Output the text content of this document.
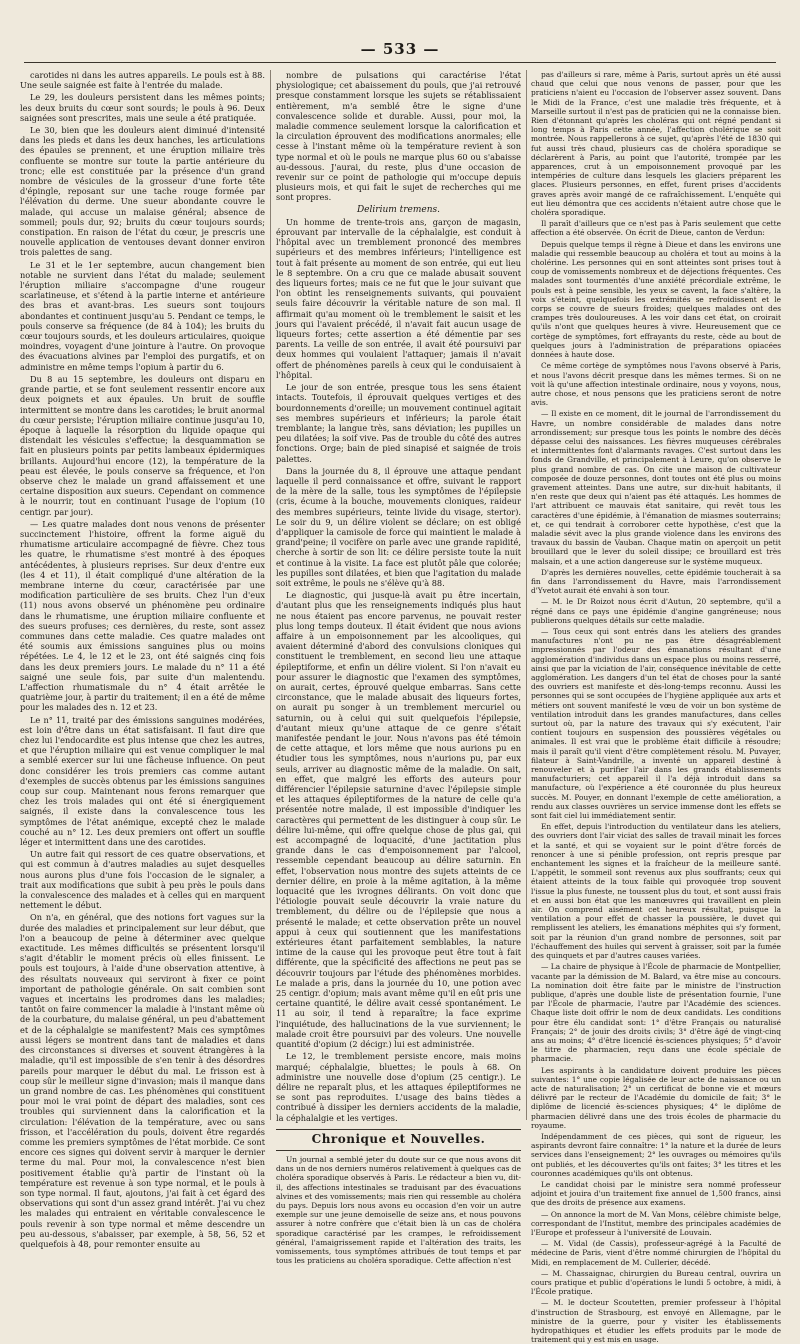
— 533 —

carotides ni dans les autres appareils. Le pouls est à 88. Une seule saignée est faite à l'entrée du malade.

Le 29, les douleurs persistent dans les mêmes points; les deux bruits du cœur sont sourds; le pouls à 96. Deux saignées sont prescrites, mais une seule a été pratiquée.

Le 30, bien que les douleurs aient diminué d'intensité dans les pieds et dans les deux hanches, les articulations des épaules se prennent, et une éruption miliaire très confluente se montre sur toute la partie antérieure du tronc; elle est constituée par la présence d'un grand nombre de vésicules de la grosseur d'une forte tête d'épingle, reposant sur une tache rouge formée par l'élévation du derme. Une sueur abondante couvre le malade, qui accuse un malaise général; absence de sommeil; pouls dur, 92; bruits du cœur toujours sourds; constipation. En raison de l'état du cœur, je prescris une nouvelle application de ventouses devant donner environ trois palettes de sang.

Le 31 et le 1er septembre, aucun changement bien notable ne survient dans l'état du malade; seulement l'éruption miliaire s'accompagne d'une rougeur scarlatineuse, et s'étend à la partie interne et antérieure des bras et avant-bras. Les sueurs sont toujours abondantes et continuent jusqu'au 5. Pendant ce temps, le pouls conserve sa fréquence (de 84 à 104); les bruits du cœur toujours sourds, et les douleurs articulaires, quoique moindres, voyagent d'une jointure à l'autre. On provoque des évacuations alvines par l'emploi des purgatifs, et on administre en même temps l'opium à partir du 6.

Du 8 au 15 septembre, les douleurs ont disparu en grande partie, et se font seulement ressentir encore aux deux poignets et aux épaules. Un bruit de souffle intermittent se montre dans les carotides; le bruit anormal du cœur persiste; l'éruption miliaire continue jusqu'au 10, époque à laquelle la résorption du liquide opaque qui distendait les vésicules s'effectue; la desquammation se fait en plusieurs points par petits lambeaux épidermiques brillants. Aujourd'hui encore (12), la température de la peau est élevée, le pouls conserve sa fréquence, et l'on observe chez le malade un grand affaissement et une certaine disposition aux sueurs. Cependant on commence à le nourrir, tout en continuant l'usage de l'opium (10 centigr. par jour).

— Les quatre malades dont nous venons de présenter succinctement l'histoire, offrent la forme aiguë du rhumatisme articulaire accompagné de fièvre. Chez tous les quatre, le rhumatisme s'est montré à des époques antécédentes, à plusieurs reprises. Sur deux d'entre eux (les 4 et 11), il était compliqué d'une altération de la membrane interne du cœur, caractérisée par une modification particulière de ses bruits. Chez l'un d'eux (11) nous avons observé un phénomène peu ordinaire dans le rhumatisme, une éruption miliaire confluente et des sueurs profuses; ces dernières, du reste, sont assez communes dans cette maladie. Ces quatre malades ont été soumis aux émissions sanguines plus ou moins répétées. Le 4, le 12 et le 23, ont été saignés cinq fois dans les deux premiers jours. Le malade du n° 11 a été saigné une seule fois, par suite d'un malentendu. L'affection rhumatismale du n° 4 était arrêtée le quatrième jour, à partir du traitement; il en a été de même pour les malades des n. 12 et 23.

Le n° 11, traité par des émissions sanguines modérées, est loin d'être dans un état satisfaisant. Il faut dire que chez lui l'endocardite est plus intense que chez les autres, et que l'éruption miliaire qui est venue compliquer le mal a semblé exercer sur lui une fâcheuse influence. On peut donc considérer les trois premiers cas comme autant d'exemples de succès obtenus par les émissions sanguines coup sur coup. Maintenant nous ferons remarquer que chez les trois malades qui ont été si énergiquement saignés, il existe dans la convalescence tous les symptômes de l'état anémique, excepté chez le malade couché au n° 12. Les deux premiers ont offert un souffle léger et intermittent dans une des carotides.

Un autre fait qui ressort de ces quatre observations, et qui est commun à d'autres maladies au sujet desquelles nous aurons plus d'une fois l'occasion de le signaler, a trait aux modifications que subit à peu près le pouls dans la convalescence des malades et à celles qui en marquent nettement le début.

On n'a, en général, que des notions fort vagues sur la durée des maladies et principalement sur leur début, que l'on a beaucoup de peine à déterminer avec quelque exactitude. Les mêmes difficultés se présentent lorsqu'il s'agit d'établir le moment précis où elles finissent. Le pouls est toujours, à l'aide d'une observation attentive, à des résultats nouveaux qui serviront à fixer ce point important de pathologie générale. On sait combien sont vagues et incertains les prodromes dans les maladies; tantôt on faire commencer la maladie à l'instant même où de la courbature, du malaise général, un peu d'abattement et de la céphalalgie se manifestent? Mais ces symptômes aussi légers se montrent dans tant de maladies et dans des circonstances si diverses et souvent étrangères à la maladie, qu'il est impossible de s'en tenir à des désordres pareils pour marquer le début du mal. Le frisson est à coup sûr le meilleur signe d'invasion; mais il manque dans un grand nombre de cas. Les phénomènes qui constituent pour moi le vrai point de départ des maladies, sont ces troubles qui surviennent dans la calorification et la circulation: l'élévation de la température, avec ou sans frisson, et l'accélération du pouls, doivent être regardés comme les premiers symptômes de l'état morbide. Ce sont encore ces signes qui doivent servir à marquer le dernier terme du mal. Pour moi, la convalescence n'est bien positivement établie qu'à partir de l'instant où la température est revenue à son type normal, et le pouls à son type normal. Il faut, ajoutons, j'ai fait à cet égard des observations qui sont d'un assez grand intérêt. J'ai vu chez les malades qui entraient en véritable convalescence le pouls revenir à son type normal et même descendre un peu au-dessous, s'abaisser, par exemple, à 58, 56, 52 et quelquefois à 48, pour remonter ensuite au

nombre de pulsations qui caractérise l'état physiologique; cet abaissement du pouls, que j'ai retrouvé presque constamment lorsque les sujets se rétablissaient entièrement, m'a semblé être le signe d'une convalescence solide et durable. Aussi, pour moi, la maladie commence seulement lorsque la calorification et la circulation éprouvent des modifications anormales; elle cesse à l'instant même où la température revient à son type normal et où le pouls ne marque plus 60 ou s'abaisse au-dessous. J'aurai, du reste, plus d'une occasion de revenir sur ce point de pathologie qui m'occupe depuis plusieurs mois, et qui fait le sujet de recherches qui me sont propres.

Delirium tremens.

Un homme de trente-trois ans, garçon de magasin, éprouvant par intervalle de la céphalalgie, est conduit à l'hôpital avec un tremblement prononcé des membres supérieurs et des membres inférieurs; l'intelligence est tout à fait présente au moment de son entrée, qui eut lieu le 8 septembre. On a cru que ce malade abusait souvent des liqueurs fortes; mais ce ne fut que le jour suivant que l'on obtint les renseignements suivants, qui pouvaient seuls faire découvrir la véritable nature de son mal. Il affirmait qu'au moment où le tremblement le saisit et les jours qui l'avaient précédé, il n'avait fait aucun usage de liqueurs fortes; cette assertion a été démentie par ses parents. La veille de son entrée, il avait été poursuivi par deux hommes qui voulaient l'attaquer; jamais il n'avait offert de phénomènes pareils à ceux qui le conduisaient à l'hôpital.

Le jour de son entrée, presque tous les sens étaient intacts. Toutefois, il éprouvait quelques vertiges et des bourdonnements d'oreille; un mouvement continuel agitait ses membres supérieurs et inférieurs; la parole était tremblante; la langue très, sans déviation; les pupilles un peu dilatées; la soif vive. Pas de trouble du côté des autres fonctions. Orge; bain de pied sinapisé et saignée de trois palettes.

Dans la journée du 8, il éprouve une attaque pendant laquelle il perd connaissance et offre, suivant le rapport de la mère de la salle, tous les symptômes de l'épilepsie (cris, écume à la bouche, mouvements cloniques, raideur des membres supérieurs, teinte livide du visage, stertor). Le soir du 9, un délire violent se déclare; on est obligé d'appliquer la camisole de force qui maintient le malade à grand'peine; il vocifère on parle avec une grande rapidité, cherche à sortir de son lit: ce délire persiste toute la nuit et continue à la visite. La face est plutôt pâle que colorée; les pupilles sont dilatées, et bien que l'agitation du malade soit extrême, le pouls ne s'élève qu'à 88.

Le diagnostic, qui jusque-là avait pu être incertain, d'autant plus que les renseignements indiqués plus haut ne nous étaient pas encore parvenus, ne pouvait rester plus long temps douteux. Il était évident que nous avions affaire à un empoisonnement par les alcooliques, qui avaient déterminé d'abord des convulsions cloniques qui constituent le tremblement, en second lieu une attaque épileptiforme, et enfin un délire violent. Si l'on n'avait eu pour assurer le diagnostic que l'examen des symptômes, on aurait, certes, éprouvé quelque embarras. Sans cette circonstance, que le malade abusait des liqueurs fortes, on aurait pu songer à un tremblement mercuriel ou saturnin, ou à celui qui suit quelquefois l'épilepsie, d'autant mieux qu'une attaque de ce genre s'était manifestée pendant le jour. Nous n'avons pas été témoin de cette attaque, et lors même que nous aurions pu en étudier tous les symptômes, nous n'aurions pu, par eux seuls, arriver au diagnostic même de la maladie. On sait, en effet, que malgré les efforts des auteurs pour différencier l'épilepsie saturnine d'avec l'épilepsie simple et les attaques épileptiformes de la nature de celle qu'a présentée notre malade, il est impossible d'indiquer les caractères qui permettent de les distinguer à coup sûr. Le délire lui-même, qui offre quelque chose de plus gai, qui est accompagné de loquacité, d'une jactitation plus grande dans le cas d'empoisonnement par l'alcool, ressemble cependant beaucoup au délire saturnin. En effet, l'observation nous montre des sujets atteints de ce dernier délire, en proie à la même agitation, à la même loquacité que les ivrognes délirants. On voit donc que l'étiologie pouvait seule découvrir la vraie nature du tremblement, du délire ou de l'épilepsie que nous a présenté le malade; et cette observation prête un nouvel appui à ceux qui soutiennent que les manifestations extérieures étant parfaitement semblables, la nature intime de la cause qui les provoque peut être tout à fait différente, que la spécificité des affections ne peut pas se découvrir toujours par l'étude des phénomènes morbides. Le malade a pris, dans la journée du 10, une potion avec 25 centigr. d'opium; mais avant même qu'il en eût pris une certaine quantité, le délire avait cessé spontanément. Le 11 au soir, il tend à reparaître; la face exprime l'inquiétude, des hallucinations de la vue surviennent; le malade croit être poursuivi par des voleurs. Une nouvelle quantité d'opium (2 décigr.) lui est administrée.

Le 12, le tremblement persiste encore, mais moins marqué; céphalalgie, bluettes; le pouls à 68. On administre une nouvelle dose d'opium (25 centigr.). Le délire ne reparaît plus, et les attaques épileptiformes ne se sont pas reproduites. L'usage des bains tièdes a contribué à dissiper les derniers accidents de la maladie, la céphalalgie et les vertiges.

Chronique et Nouvelles.

Un journal a semblé jeter du doute sur ce que nous avons dit dans un de nos derniers numéros relativement à quelques cas de choléra sporadique observés à Paris. Le rédacteur a bien vu, dit-il, des affections intestinales se traduisant par des évacuations alvines et des vomissements; mais rien qui ressemble au choléra du pays. Depuis lors nous avons eu occasion d'en voir un autre exemple sur une jeune demoiselle de seize ans, et nous pouvons assurer à notre confrère que c'était bien là un cas de choléra sporadique caractérisé par les crampes, le refroidissement général, l'amaigrissement rapide et l'altération des traits, les vomissements, tous symptômes attribués de tout temps et par tous les praticiens au choléra sporadique. Cette affection n'est

pas d'ailleurs si rare, même à Paris, surtout après un été aussi chaud que celui que nous venons de passer, pour que les praticiens n'aient eu l'occasion de l'observer assez souvent. Dans le Midi de la France, c'est une maladie très fréquente, et à Marseille surtout il n'est pas de praticien qui ne la connaisse bien. Rien d'étonnant qu'après les choléras qui ont régné pendant si long temps à Paris cette année, l'affection cholérique se soit montrée. Nous rappellerons à ce sujet, qu'après l'été de 1830 qui fut aussi très chaud, plusieurs cas de choléra sporadique se déclarèrent à Paris, au point que l'autorité, trompée par les apparences, crut à un empoisonnement provoqué par les intempéries de culture dans lesquels les glaciers préparent les glaces. Plusieurs personnes, en effet, furent prises d'accidents graves après avoir mangé de ce rafraîchissement. L'enquête qui eut lieu démontra que ces accidents n'étaient autre chose que le choléra sporadique.

Il paraît d'ailleurs que ce n'est pas à Paris seulement que cette affection a été observée. On écrit de Dieue, canton de Verdun:

Depuis quelque temps il règne à Dieue et dans les environs une maladie qui ressemble beaucoup au choléra et tout au moins à la cholérine. Les personnes qui en sont atteintes sont prises tout à coup de vomissements nombreux et de déjections fréquentes. Ces malades sont tourmentés d'une anxiété précordiale extrême, le pouls est à peine sensible, les yeux se cavent, la face s'altère, la voix s'éteint, quelquefois les extrémités se refroidissent et le corps se couvre de sueurs froides; quelques malades ont des crampes très douloureuses. A les voir dans cet état, on croirait qu'ils n'ont que quelques heures à vivre. Heureusement que ce cortège de symptômes, fort effrayants du reste, cède au bout de quelques jours à l'administration de préparations opiacées données à haute dose.

Ce même cortège de symptômes nous l'avons observé à Paris, et nous l'avons décrit presque dans les mêmes termes. Si on ne voit là qu'une affection intestinale ordinaire, nous y voyons, nous, autre chose, et nous pensons que les praticiens seront de notre avis.

— Il existe en ce moment, dit le journal de l'arrondissement du Havre, un nombre considérable de malades dans notre arrondissement; sur presque tous les points le nombre des décès dépasse celui des naissances. Les fièvres muqueuses cérébrales et intermittentes font d'alarmants ravages. C'est surtout dans les fonds de Grandville, et principalement à Leure, qu'on observe le plus grand nombre de cas. On cite une maison de cultivateur composée de douze personnes, dont toutes ont été plus ou moins gravement atteintes. Dans une autre, sur dix-huit habitants, il n'en reste que deux qui n'aient pas été attaqués. Les hommes de l'art attribuent ce mauvais état sanitaire, qui revêt tous les caractères d'une épidémie, à l'émanation de miasmes souterrains; et, ce qui tendrait à corroborer cette hypothèse, c'est que la maladie sévit avec la plus grande violence dans les environs des travaux du bassin de Vauban. Chaque matin on aperçoit un petit brouillard que le lever du soleil dissipe; ce brouillard est très malsain, et a une action dangereuse sur le système muqueux.

D'après les dernières nouvelles, cette épidémie toucherait à sa fin dans l'arrondissement du Havre, mais l'arrondissement d'Yvetot aurait été envahi à son tour.

— M. le Dr Roizot nous écrit d'Autun, 20 septembre, qu'il a régné dans ce pays une épidémie d'angine gangréneuse; nous publierons quelques détails sur cette maladie.

— Tous ceux qui sont entrés dans les ateliers des grandes manufactures n'ont pu ne pas être désagréablement impressionnés par l'odeur des émanations résultant d'une agglomération d'individus dans un espace plus ou moins resserré, ainsi que par la viciation de l'air, conséquence inévitable de cette agglomération. Les dangers d'un tel état de choses pour la santé des ouvriers est manifeste et dès-long-temps reconnu. Aussi les personnes qui se sont occupées de l'hygiène appliquée aux arts et métiers ont souvent manifesté le vœu de voir un bon système de ventilation introduit dans les grandes manufactures, dans celles surtout où, par la nature des travaux qui s'y exécutent, l'air contient toujours en suspension des poussières végétales ou animales. Il est vrai que le problème était difficile à résoudre; mais il paraît qu'il vient d'être complètement résolu. M. Puvayer, filateur à Saint-Vandrille, a inventé un appareil destiné à renouveler et à purifier l'air dans les grands établissements manufacturiers; cet appareil il l'a déjà introduit dans sa manufacture, où l'expérience a été couronnée du plus heureux succès. M. Pouyer, en donnant l'exemple de cette amélioration, a rendu aux classes ouvrières un service immense dont les effets se sont fait ciel lui immédiatement sentir.

En effet, depuis l'introduction du ventilateur dans les ateliers, des ouvriers dont l'air viciat des salles de travail minait les forces et la santé, et qui se voyaient sur le point d'être forcés de renoncer à une si pénible profession, ont repris presque par enchantement les signes et la fraîcheur de la meilleure santé. L'appétit, le sommeil sont revenus aux plus souffrants; ceux qui étaient atteints de la toux faible qui provoquée trop souvent l'issue la plus funeste, ne toussent plus du tout, et sont aussi frais et en aussi bon état que les manœuvres qui travaillent en plein air. On comprend aisément cet heureux résultat, puisque la ventilation a pour effet de chasser la poussière, le duvet qui remplissent les ateliers, les émanations méphites qui s'y forment, soit par la réunion d'un grand nombre de personnes, soit par l'échauffement des huiles qui servent à graisser, soit par la fumée des quinquets et par d'autres causes variées.

— La chaire de physique à l'École de pharmacie de Montpellier, vacante par la démission de M. Balard, va être mise au concours. La nomination doit être faite par le ministre de l'instruction publique, d'après une double liste de présentation fournie, l'une par l'École de pharmacie, l'autre par l'Académie des sciences. Chaque liste doit offrir le nom de deux candidats. Les conditions pour être élu candidat sont: 1° d'être Français ou naturalisé Français; 2° de jouir des droits civils; 3° d'être âgé de vingt-cinq ans au moins; 4° d'être licencié ès-sciences physiques; 5° d'avoir le titre de pharmacien, reçu dans une école spéciale de pharmacie.

Les aspirants à la candidature doivent produire les pièces suivantes: 1° une copie légalisée de leur acte de naissance ou un acte de naturalisation; 2° un certificat de bonne vie et mœurs délivré par le recteur de l'Académie du domicile de fait; 3° le diplôme de licencié ès-sciences physiques; 4° le diplôme de pharmacien délivré dans une des trois écoles de pharmacie du royaume.

Indépendamment de ces pièces, qui sont de rigueur, les aspirants devront faire connaître: 1° la nature et la durée de leurs services dans l'enseignement; 2° les ouvrages ou mémoires qu'ils ont publiés, et les découvertes qu'ils ont faites; 3° les titres et les couronnes académiques qu'ils ont obtenus.

Le candidat choisi par le ministre sera nommé professeur adjoint et jouira d'un traitement fixe annuel de 1,500 francs, ainsi que des droits de présence aux examens.

— On annonce la mort de M. Van Mons, célèbre chimiste belge, correspondant de l'Institut, membre des principales académies de l'Europe et professeur à l'université de Louvain.

— M. Vidal (de Cassis), professeur-agrégé à la Faculté de médecine de Paris, vient d'être nommé chirurgien de l'hôpital du Midi, en remplacement de M. Cullerier, décédé.

— M. Chassaignac, chirurgien du Bureau central, ouvrira un cours pratique et public d'opérations le lundi 5 octobre, à midi, à l'École pratique.

— M. le docteur Scoutetten, premier professeur à l'hôpital d'instruction de Strasbourg, est envoyé en Allemagne, par le ministre de la guerre, pour y visiter les établissements hydropathiques et étudier les effets produits par le mode de traitement qui y est mis en usage.
